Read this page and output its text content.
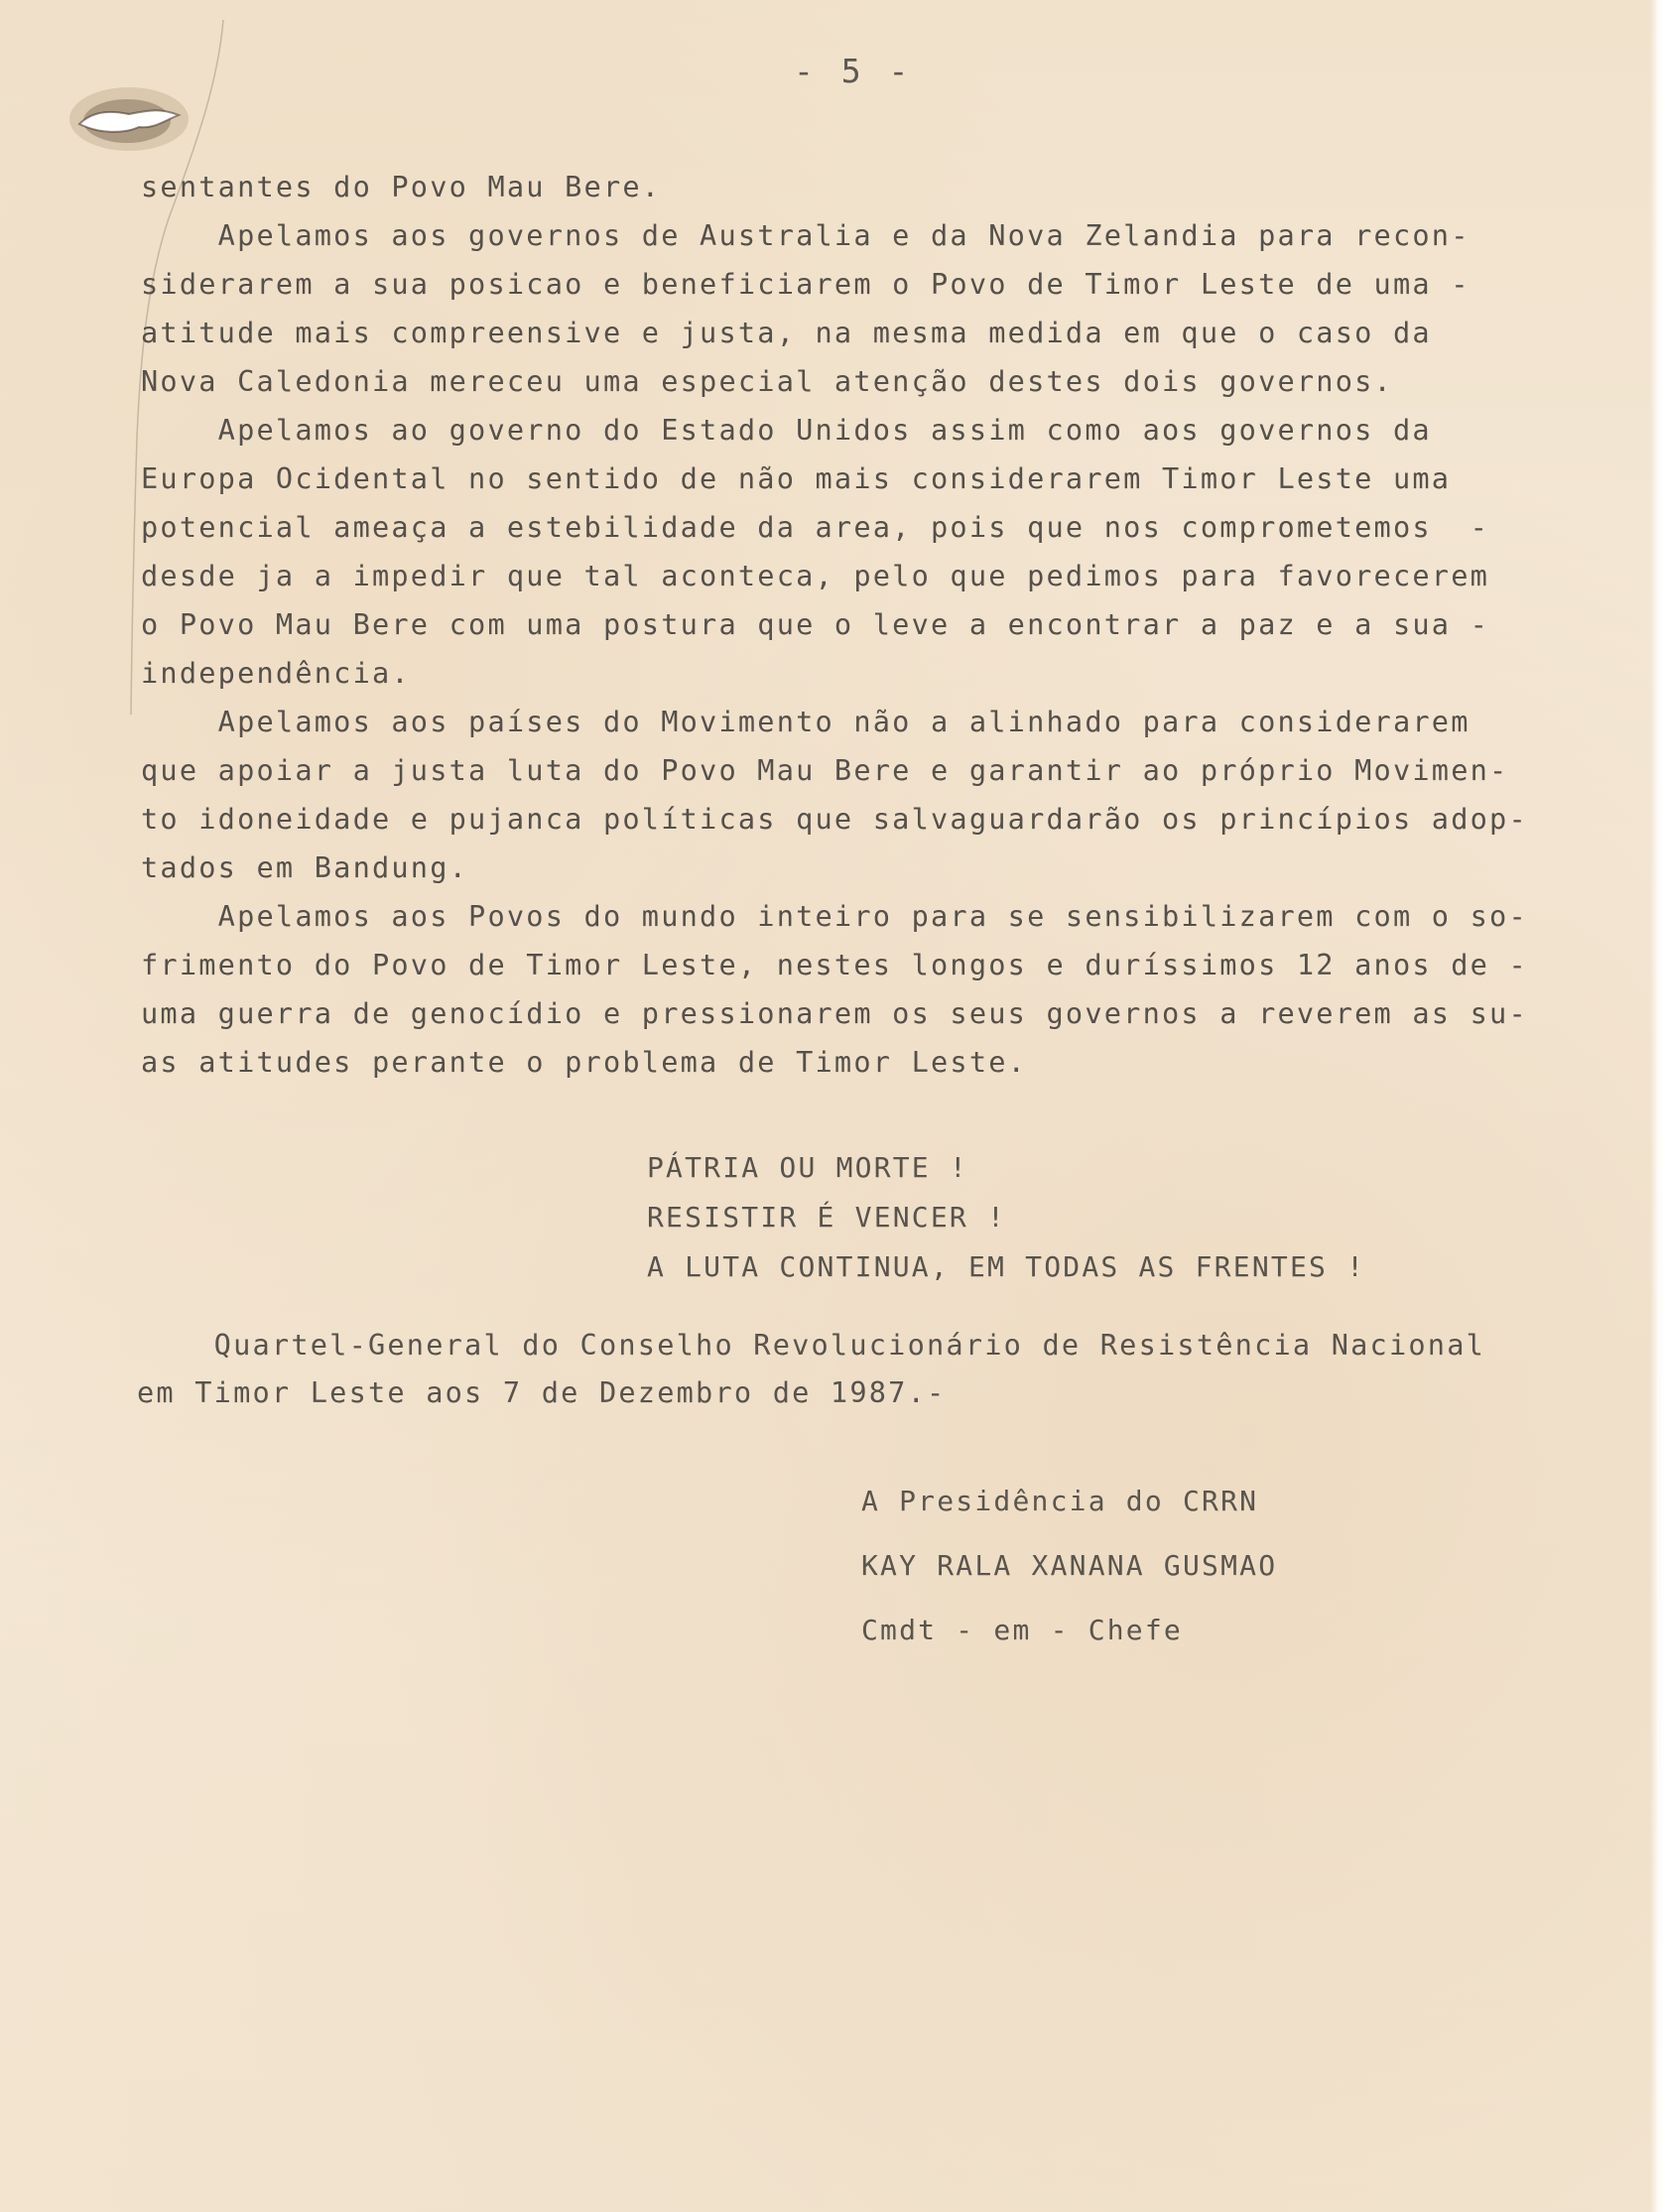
- 5 -
sentantes do Povo Mau Bere.
Apelamos aos governos de Australia e da Nova Zelandia para recon-
siderarem a sua posicao e beneficiarem o Povo de Timor Leste de uma -
atitude mais compreensive e justa, na mesma medida em que o caso da
Nova Caledonia mereceu uma especial atenção destes dois governos.
Apelamos ao governo do Estado Unidos assim como aos governos da
Europa Ocidental no sentido de não mais considerarem Timor Leste uma
potencial ameaça a estebilidade da area, pois que nos comprometemos  -
desde ja a impedir que tal aconteca, pelo que pedimos para favorecerem
o Povo Mau Bere com uma postura que o leve a encontrar a paz e a sua -
independência.
Apelamos aos países do Movimento não a alinhado para considerarem
que apoiar a justa luta do Povo Mau Bere e garantir ao próprio Movimen-
to idoneidade e pujanca políticas que salvaguardarão os princípios adop-
tados em Bandung.
Apelamos aos Povos do mundo inteiro para se sensibilizarem com o so-
frimento do Povo de Timor Leste, nestes longos e duríssimos 12 anos de -
uma guerra de genocídio e pressionarem os seus governos a reverem as su-
as atitudes perante o problema de Timor Leste.
PÁTRIA OU MORTE !
RESISTIR É VENCER !
A LUTA CONTINUA, EM TODAS AS FRENTES !
Quartel-General do Conselho Revolucionário de Resistência Nacional
em Timor Leste aos 7 de Dezembro de 1987.-
A Presidência do CRRN
KAY RALA XANANA GUSMAO
Cmdt - em - Chefe
